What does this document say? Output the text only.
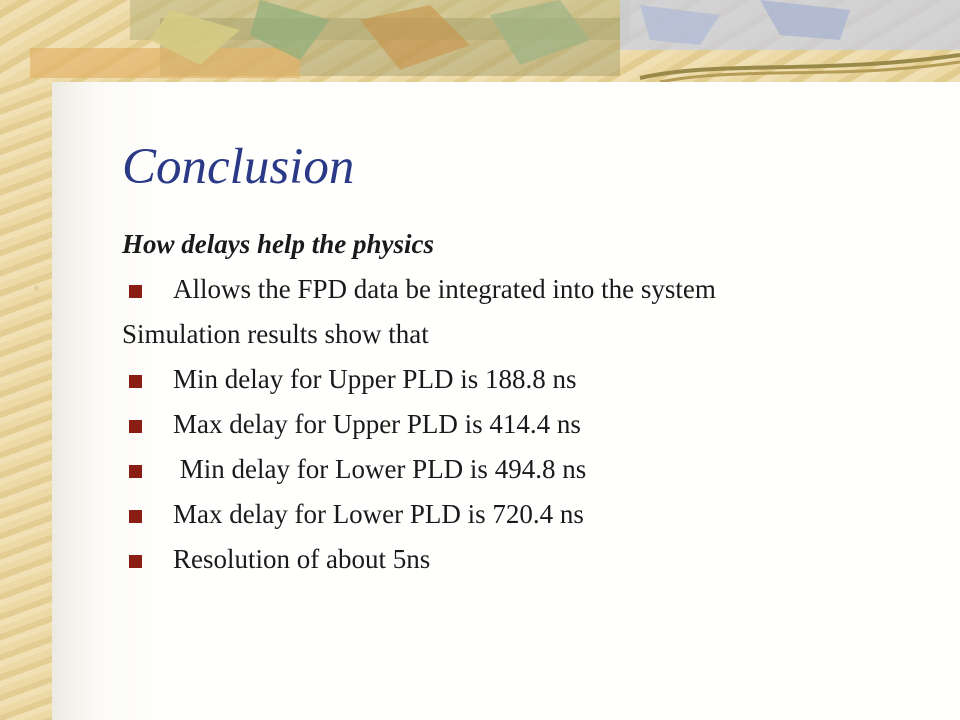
Conclusion
How delays help the physics
Allows the FPD data be integrated into the system
Simulation results show that
Min delay for Upper PLD is 188.8 ns
Max delay for Upper PLD is 414.4 ns
Min delay for Lower PLD is 494.8 ns
Max delay for Lower PLD is 720.4 ns
Resolution of about 5ns
